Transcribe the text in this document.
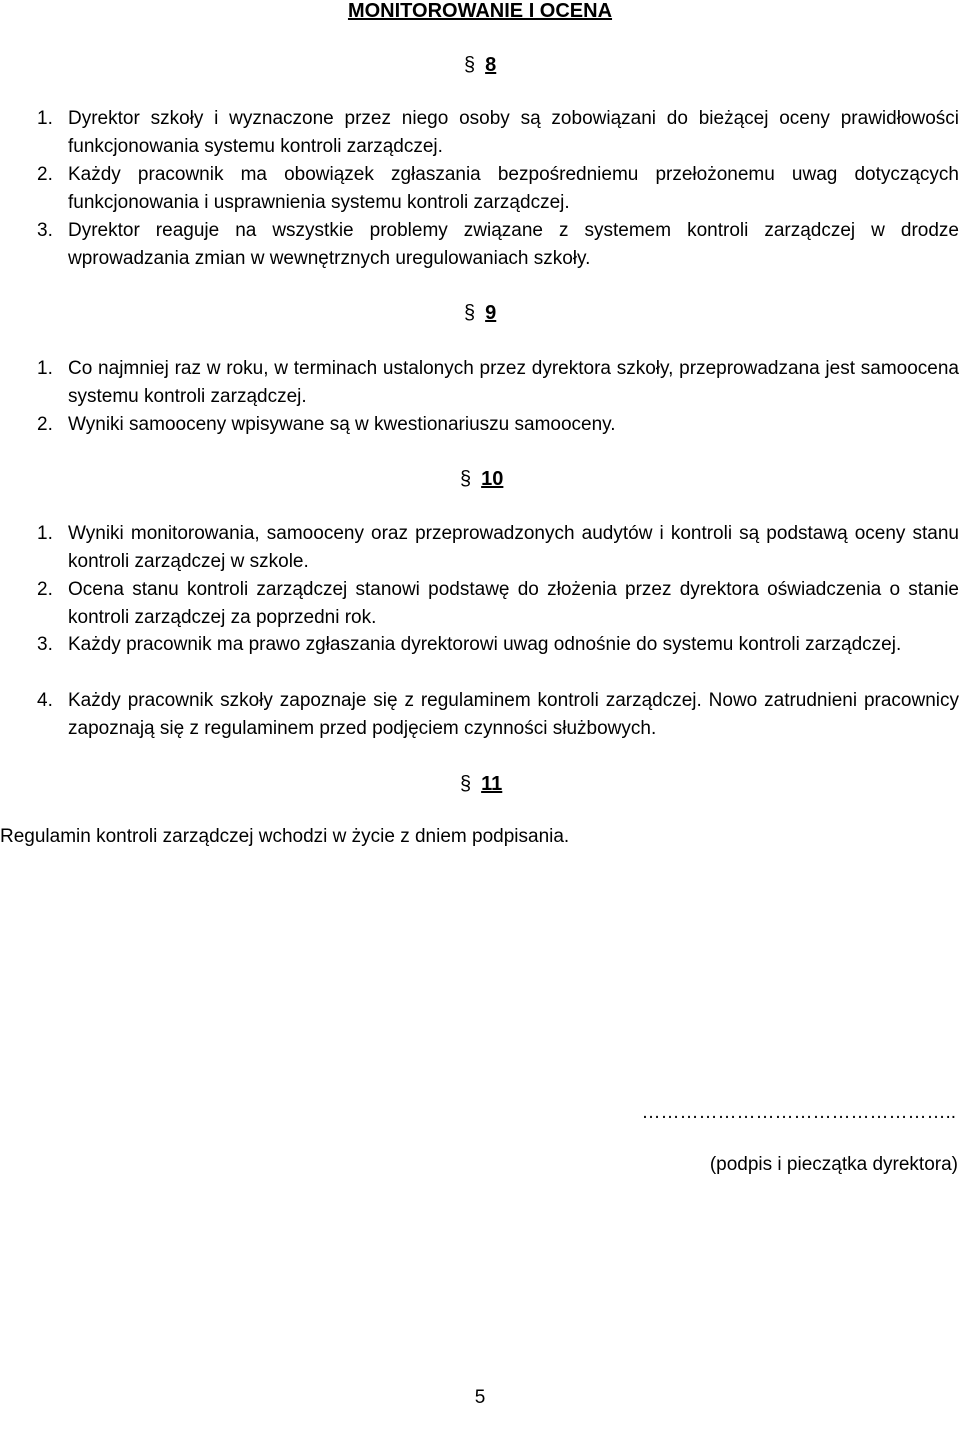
MONITOROWANIE I OCENA
§ 8
1. Dyrektor szkoły i wyznaczone przez niego osoby są zobowiązani do bieżącej oceny prawidłowości funkcjonowania systemu kontroli zarządczej.
2. Każdy pracownik ma obowiązek zgłaszania bezpośredniemu przełożonemu uwag dotyczących funkcjonowania i usprawnienia systemu kontroli zarządczej.
3. Dyrektor reaguje na wszystkie problemy związane z systemem kontroli zarządczej w drodze wprowadzania zmian w wewnętrznych uregulowaniach szkoły.
§ 9
1. Co najmniej raz w roku, w terminach ustalonych przez dyrektora szkoły, przeprowadzana jest samoocena systemu kontroli zarządczej.
2. Wyniki samooceny wpisywane są w kwestionariuszu samooceny.
§ 10
1. Wyniki monitorowania, samooceny oraz przeprowadzonych audytów i kontroli są podstawą oceny stanu kontroli zarządczej w szkole.
2. Ocena stanu kontroli zarządczej stanowi podstawę do złożenia przez dyrektora oświadczenia o stanie kontroli zarządczej za poprzedni rok.
3. Każdy pracownik ma prawo zgłaszania dyrektorowi uwag odnośnie do systemu kontroli zarządczej.
4. Każdy pracownik szkoły zapoznaje się z regulaminem kontroli zarządczej. Nowo zatrudnieni pracownicy zapoznają się z regulaminem przed podjęciem czynności służbowych.
§ 11
Regulamin kontroli zarządczej wchodzi w życie z dniem podpisania.
…………………………………………..
(podpis i pieczątka dyrektora)
5
